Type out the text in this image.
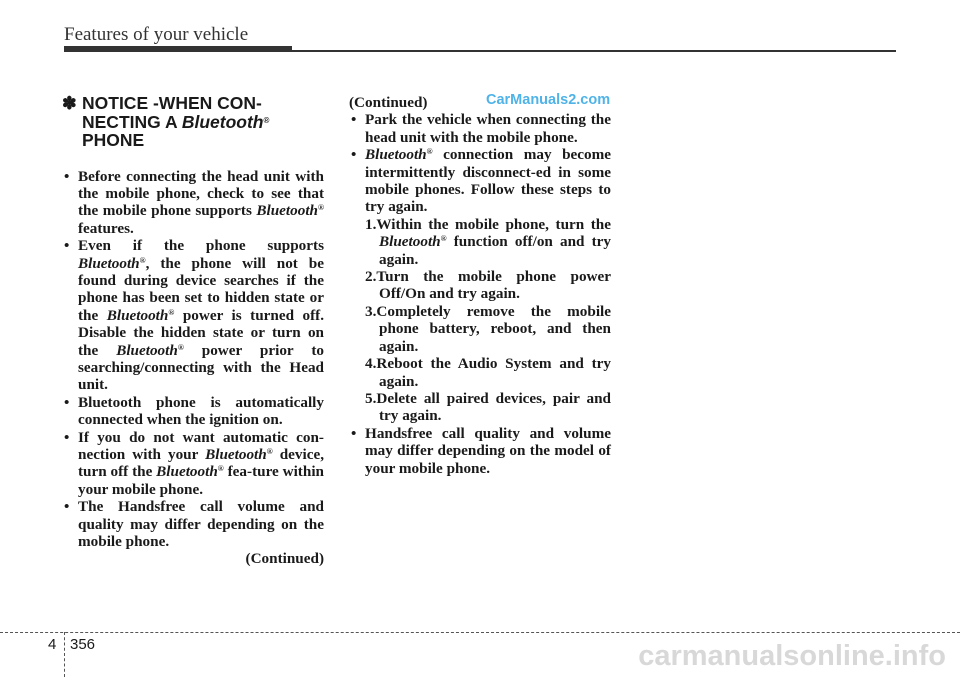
Features of your vehicle
✽ NOTICE -WHEN CON-
NECTING A Bluetooth®
PHONE
• Before connecting the head unit with the mobile phone, check to see that the mobile phone supports Bluetooth® features.
• Even if the phone supports Bluetooth®, the phone will not be found during device searches if the phone has been set to hidden state or the Bluetooth® power is turned off. Disable the hidden state or turn on the Bluetooth® power prior to searching/connecting with the Head unit.
• Bluetooth phone is automatically connected when the ignition on.
• If you do not want automatic con-nection with your Bluetooth® device, turn off the Bluetooth® fea-ture within your mobile phone.
• The Handsfree call volume and quality may differ depending on the mobile phone.
(Continued)
CarManuals2.com
(Continued)
• Park the vehicle when connecting the head unit with the mobile phone.
• Bluetooth® connection may become intermittently disconnect-ed in some mobile phones. Follow these steps to try again.
1.Within the mobile phone, turn the Bluetooth® function off/on and try again.
2.Turn the mobile phone power Off/On and try again.
3.Completely remove the mobile phone battery, reboot, and then again.
4.Reboot the Audio System and try again.
5.Delete all paired devices, pair and try again.
• Handsfree call quality and volume may differ depending on the model of your mobile phone.
4 356	carmanualsonline.info
